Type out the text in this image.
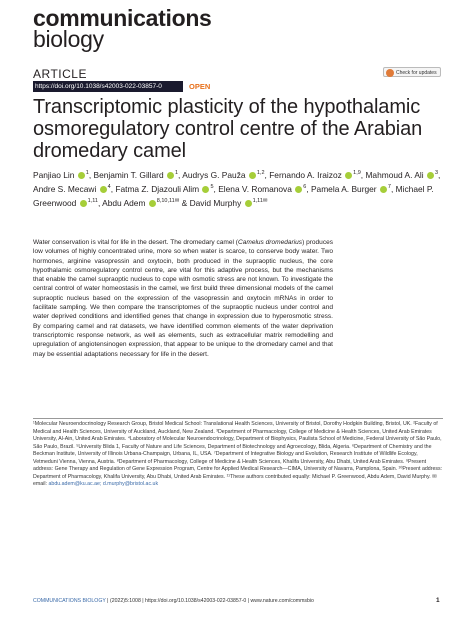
communications
biology
ARTICLE	Check for updates
https://doi.org/10.1038/s42003-022-03857-0	OPEN
Transcriptomic plasticity of the hypothalamic osmoregulatory control centre of the Arabian dromedary camel
Panjiao Lin $^1$, Benjamin T. Gillard $^1$, Audrys G. Pauža $^{1,2}$, Fernando A. Iraizoz $^{1,9}$, Mahmoud A. Ali $^3$, Andre S. Mecawi $^4$, Fatma Z. Djazouli Alim $^5$, Elena V. Romanova $^6$, Pamela A. Burger $^7$, Michael P. Greenwood $^{1,11}$, Abdu Adem $^{8,10,11✉}$ & David Murphy $^{1,11✉}$
Water conservation is vital for life in the desert. The dromedary camel (Camelus dromedarius) produces low volumes of highly concentrated urine, more so when water is scarce, to conserve body water. Two hormones, arginine vasopressin and oxytocin, both produced in the supraoptic nucleus, the core hypothalamic osmoregulatory control centre, are vital for this adaptive process, but the mechanisms that enable the camel supraoptic nucleus to cope with osmotic stress are not known. To investigate the central control of water homeostasis in the camel, we first build three dimensional models of the camel supraoptic nucleus based on the expression of the vasopressin and oxytocin mRNAs in order to facilitate sampling. We then compare the transcriptomes of the supraoptic nucleus under control and water deprived conditions and identified genes that change in expression due to hyperosmotic stress. By comparing camel and rat datasets, we have identified common elements of the water deprivation transcriptomic response network, as well as elements, such as extracellular matrix remodelling and upregulation of angiotensinogen expression, that appear to be unique to the dromedary camel and that may be essential adaptations necessary for life in the desert.
¹Molecular Neuroendocrinology Research Group, Bristol Medical School: Translational Health Sciences, University of Bristol, Dorothy Hodgkin Building, Bristol, UK. ²Faculty of Medical and Health Sciences, University of Auckland, Auckland, New Zealand. ³Department of Pharmacology, College of Medicine & Health Sciences, United Arab Emirates University, Al-Ain, United Arab Emirates. ⁴Laboratory of Molecular Neuroendocrinology, Department of Biophysics, Paulista School of Medicine, Federal University of São Paulo, São Paulo, Brazil. ⁵University Blida 1, Faculty of Nature and Life Sciences, Department of Biotechnology and Agroecology, Blida, Algeria. ⁶Department of Chemistry and the Beckman Institute, University of Illinois Urbana-Champaign, Urbana, IL, USA. ⁷Department of Integrative Biology and Evolution, Research Institute of Wildlife Ecology, Vetmeduni Vienna, Vienna, Austria. ⁸Department of Pharmacology, College of Medicine & Health Sciences, Khalifa University, Abu Dhabi, United Arab Emirates. ⁹Present address: Gene Therapy and Regulation of Gene Expression Program, Centre for Applied Medical Research—CIMA, University of Navarra, Pamplona, Spain. ¹⁰Present address: Department of Pharmacology, Khalifa University, Abu Dhabi, United Arab Emirates. ¹¹These authors contributed equally: Michael P. Greenwood, Abdu Adem, David Murphy. ✉email: abdu.adem@ku.ac.ae; d.murphy@bristol.ac.uk
COMMUNICATIONS BIOLOGY | (2022)5:1008 | https://doi.org/10.1038/s42003-022-03857-0 | www.nature.com/commsbio	1
